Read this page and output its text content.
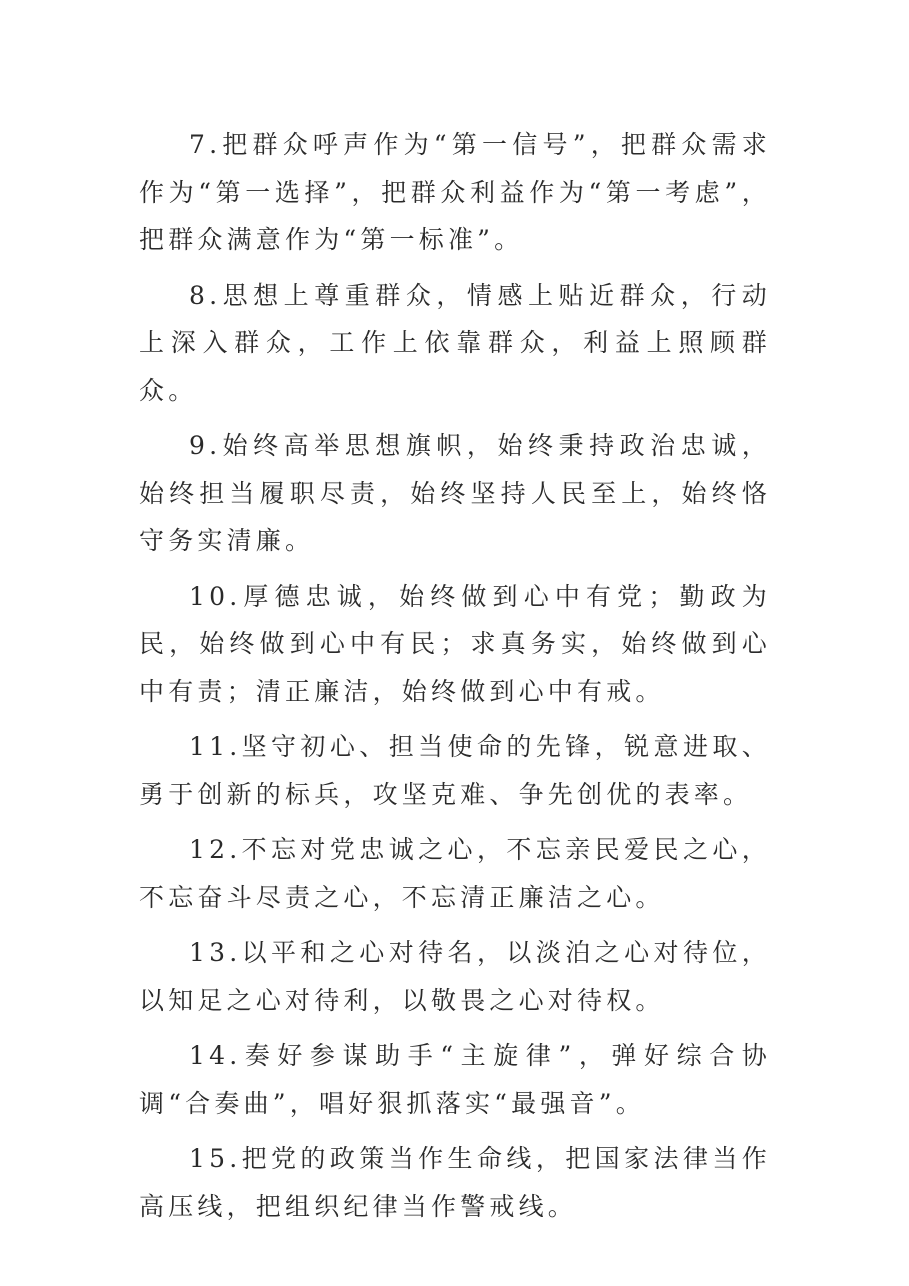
7.把群众呼声作为“第一信号”，把群众需求作为“第一选择”，把群众利益作为“第一考虑”，把群众满意作为“第一标准”。

8.思想上尊重群众，情感上贴近群众，行动上深入群众，工作上依靠群众，利益上照顾群众。

9.始终高举思想旗帜，始终秉持政治忠诚，始终担当履职尽责，始终坚持人民至上，始终恪守务实清廉。

10.厚德忠诚，始终做到心中有党；勤政为民，始终做到心中有民；求真务实，始终做到心中有责；清正廉洁，始终做到心中有戒。

11.坚守初心、担当使命的先锋，锐意进取、勇于创新的标兵，攻坚克难、争先创优的表率。

12.不忘对党忠诚之心，不忘亲民爱民之心，不忘奋斗尽责之心，不忘清正廉洁之心。

13.以平和之心对待名，以淡泊之心对待位，以知足之心对待利，以敬畏之心对待权。

14.奏好参谋助手“主旋律”，弹好综合协调“合奏曲”，唱好狠抓落实“最强音”。

15.把党的政策当作生命线，把国家法律当作高压线，把组织纪律当作警戒线。
